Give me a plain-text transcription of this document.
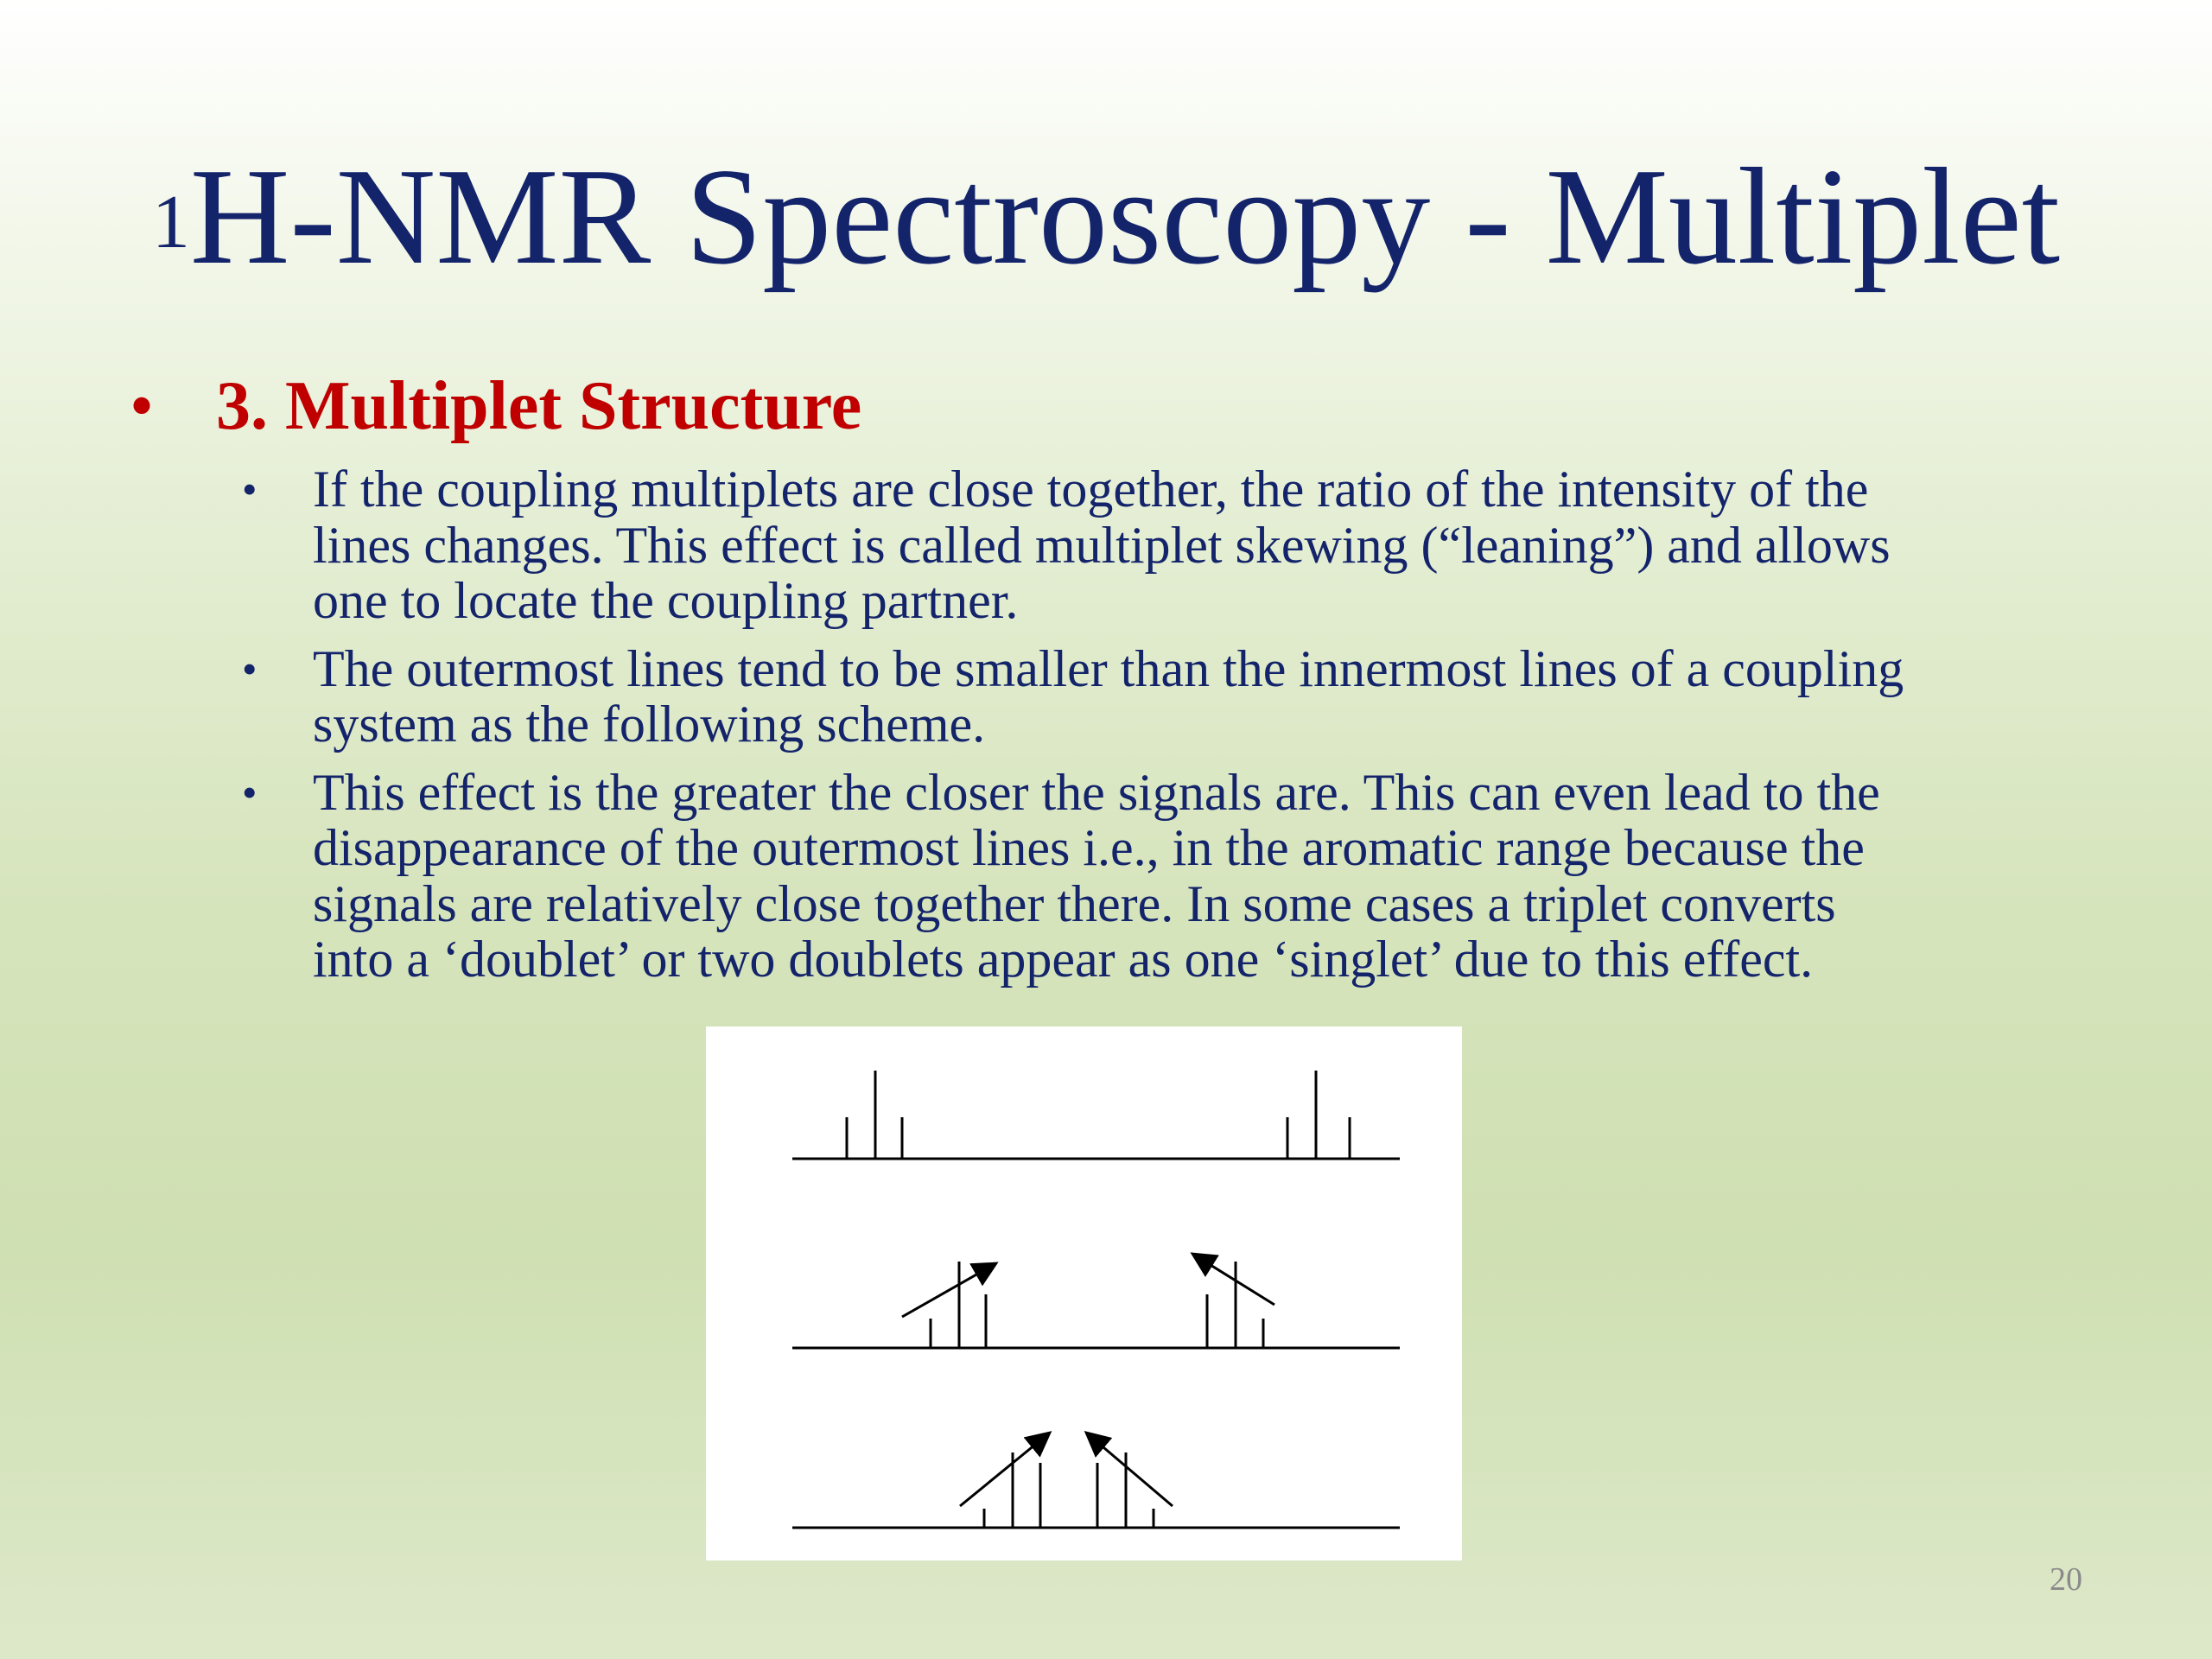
$^1$H-NMR Spectroscopy - Multiplet
• 3. Multiplet Structure
• If the coupling multiplets are close together, the ratio of the intensity of the
lines changes. This effect is called multiplet skewing (“leaning”) and allows
one to locate the coupling partner.
• The outermost lines tend to be smaller than the innermost lines of a coupling
system as the following scheme.
• This effect is the greater the closer the signals are. This can even lead to the
disappearance of the outermost lines i.e., in the aromatic range because the
signals are relatively close together there. In some cases a triplet converts
into a ‘doublet’ or two doublets appear as one ‘singlet’ due to this effect.
20
